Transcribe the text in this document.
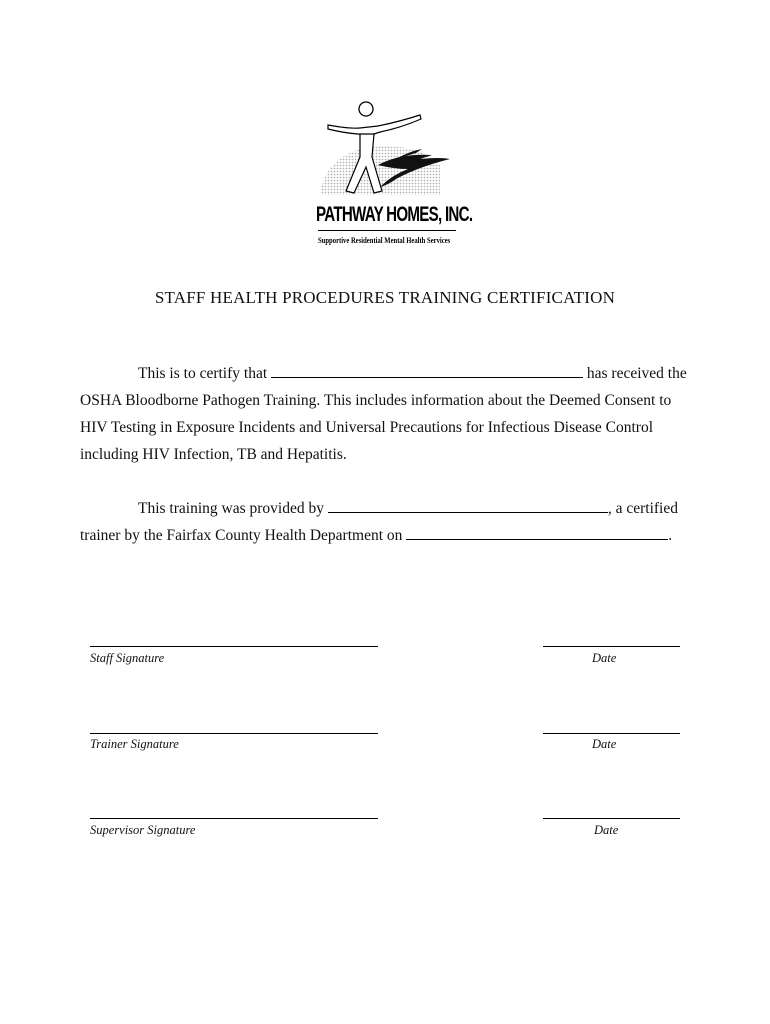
PATHWAY HOMES, INC.
Supportive Residential Mental Health Services
STAFF HEALTH PROCEDURES TRAINING CERTIFICATION
This is to certify that	has received the
OSHA Bloodborne Pathogen Training. This includes information about the Deemed Consent to
HIV Testing in Exposure Incidents and Universal Precautions for Infectious Disease Control
including HIV Infection, TB and Hepatitis.
This training was provided by	, a certified
trainer by the Fairfax County Health Department on	.
Staff Signature	Date
Trainer Signature	Date
Supervisor Signature	Date
